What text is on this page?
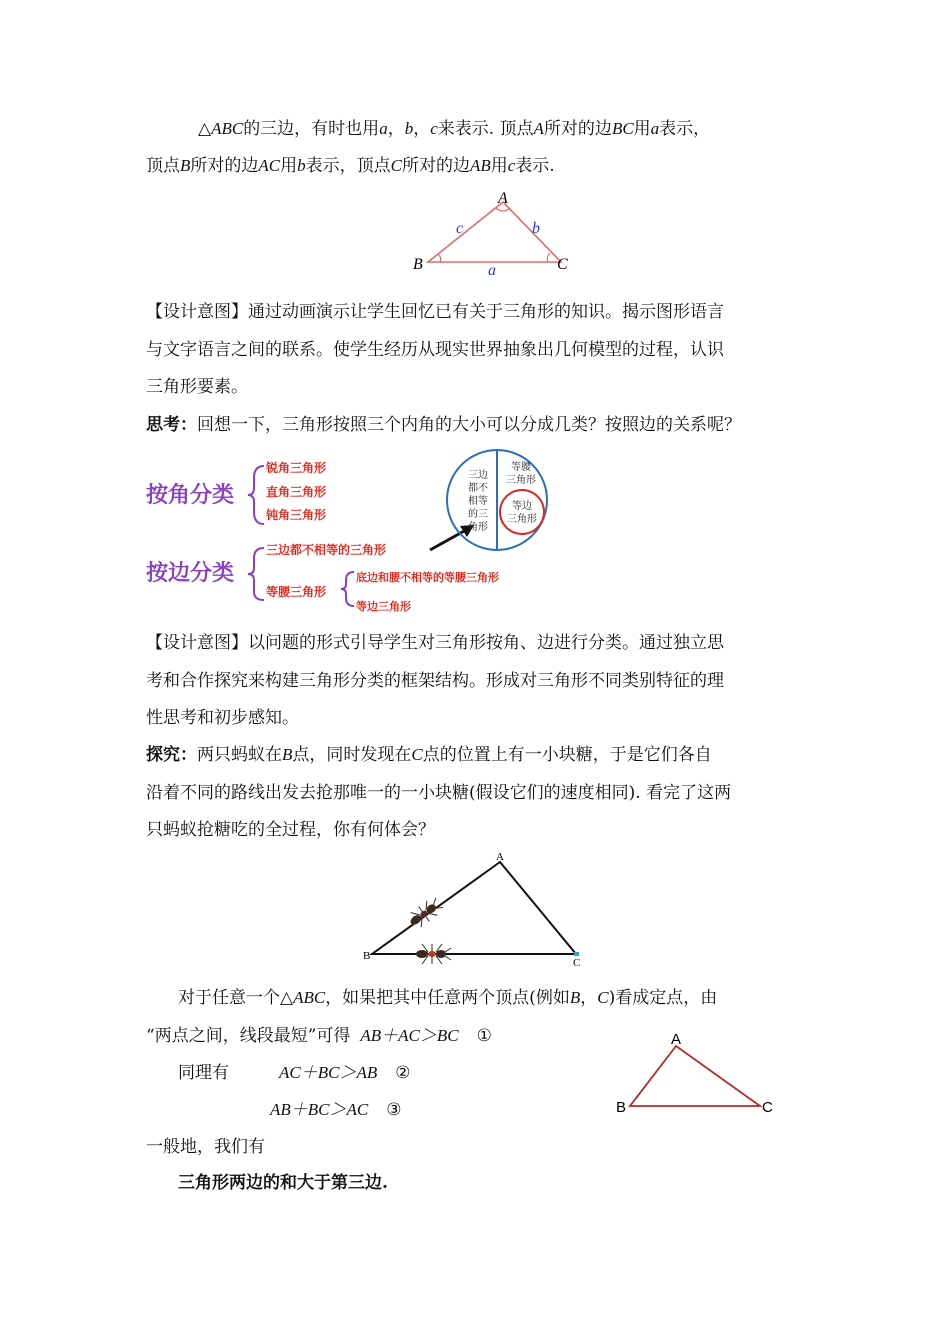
△ABC的三边，有时也用a，b，c来表示. 顶点A所对的边BC用a表示，
顶点B所对的边AC用b表示，顶点C所对的边AB用c表示.
A
B	C
a
b
c
【设计意图】通过动画演示让学生回忆已有关于三角形的知识。揭示图形语言
与文字语言之间的联系。使学生经历从现实世界抽象出几何模型的过程，认识
三角形要素。
思考：回想一下，三角形按照三个内角的大小可以分成几类？按照边的关系呢？
按角分类
锐角三角形
直角三角形
钝角三角形
按边分类
三边都不相等的三角形
等腰三角形
底边和腰不相等的等腰三角形
等边三角形
三边
都不
相等
的三
角形
等腰
三角形
等边
三角形
【设计意图】以问题的形式引导学生对三角形按角、边进行分类。通过独立思
考和合作探究来构建三角形分类的框架结构。形成对三角形不同类别特征的理
性思考和初步感知。
探究：两只蚂蚁在B点，同时发现在C点的位置上有一小块糖，于是它们各自
沿着不同的路线出发去抢那唯一的一小块糖(假设它们的速度相同). 看完了这两
只蚂蚁抢糖吃的全过程，你有何体会？
A
B
C
对于任意一个△ABC，如果把其中任意两个顶点(例如B，C)看成定点，由
“两点之间，线段最短”可得 AB＋AC＞BC ①
同理有	AC＋BC＞AB ②
AB＋BC＞AC ③
一般地，我们有
三角形两边的和大于第三边.
A
B	C
